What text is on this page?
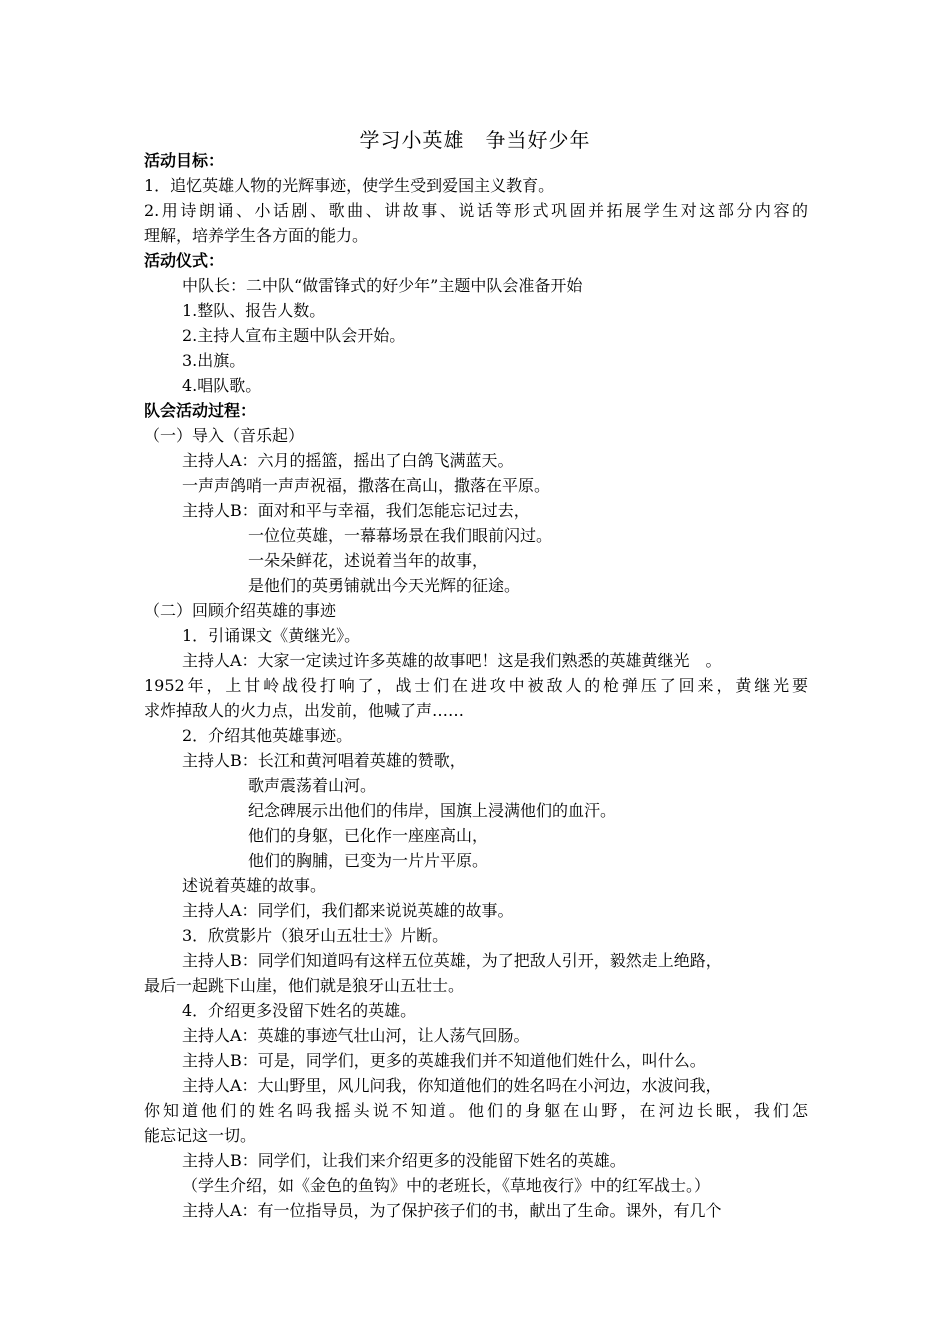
学习小英雄　争当好少年
活动目标：
1．追忆英雄人物的光辉事迹，使学生受到爱国主义教育。
2.用诗朗诵、小话剧、歌曲、讲故事、说话等形式巩固并拓展学生对这部分内容的
理解，培养学生各方面的能力。
活动仪式：
中队长：二中队“做雷锋式的好少年”主题中队会准备开始
1.整队、报告人数。
2.主持人宣布主题中队会开始。
3.出旗。
4.唱队歌。
队会活动过程：
（一）导入（音乐起）
主持人A：六月的摇篮，摇出了白鸽飞满蓝天。
一声声鸽哨一声声祝福，撒落在高山，撒落在平原。
主持人B：面对和平与幸福，我们怎能忘记过去，
一位位英雄，一幕幕场景在我们眼前闪过。
一朵朵鲜花，述说着当年的故事，
是他们的英勇铺就出今天光辉的征途。
（二）回顾介绍英雄的事迹
1．引诵课文《黄继光》。
主持人A：大家一定读过许多英雄的故事吧！这是我们熟悉的英雄黄继光　。
1952年，上甘岭战役打响了，战士们在进攻中被敌人的枪弹压了回来，黄继光要
求炸掉敌人的火力点，出发前，他喊了声……
2．介绍其他英雄事迹。
主持人B：长江和黄河唱着英雄的赞歌，
歌声震荡着山河。
纪念碑展示出他们的伟岸，国旗上浸满他们的血汗。
他们的身躯，已化作一座座高山，
他们的胸脯，已变为一片片平原。
述说着英雄的故事。
主持人A：同学们，我们都来说说英雄的故事。
3．欣赏影片（狼牙山五壮士》片断。
主持人B：同学们知道吗有这样五位英雄，为了把敌人引开，毅然走上绝路，
最后一起跳下山崖，他们就是狼牙山五壮士。
4．介绍更多没留下姓名的英雄。
主持人A：英雄的事迹气壮山河，让人荡气回肠。
主持人B：可是，同学们，更多的英雄我们并不知道他们姓什么，叫什么。
主持人A：大山野里，风儿问我，你知道他们的姓名吗在小河边，水波问我，
你知道他们的姓名吗我摇头说不知道。他们的身躯在山野，在河边长眠，我们怎
能忘记这一切。
主持人B：同学们，让我们来介绍更多的没能留下姓名的英雄。
（学生介绍，如《金色的鱼钩》中的老班长，《草地夜行》中的红军战士。）
主持人A：有一位指导员，为了保护孩子们的书，献出了生命。课外，有几个
